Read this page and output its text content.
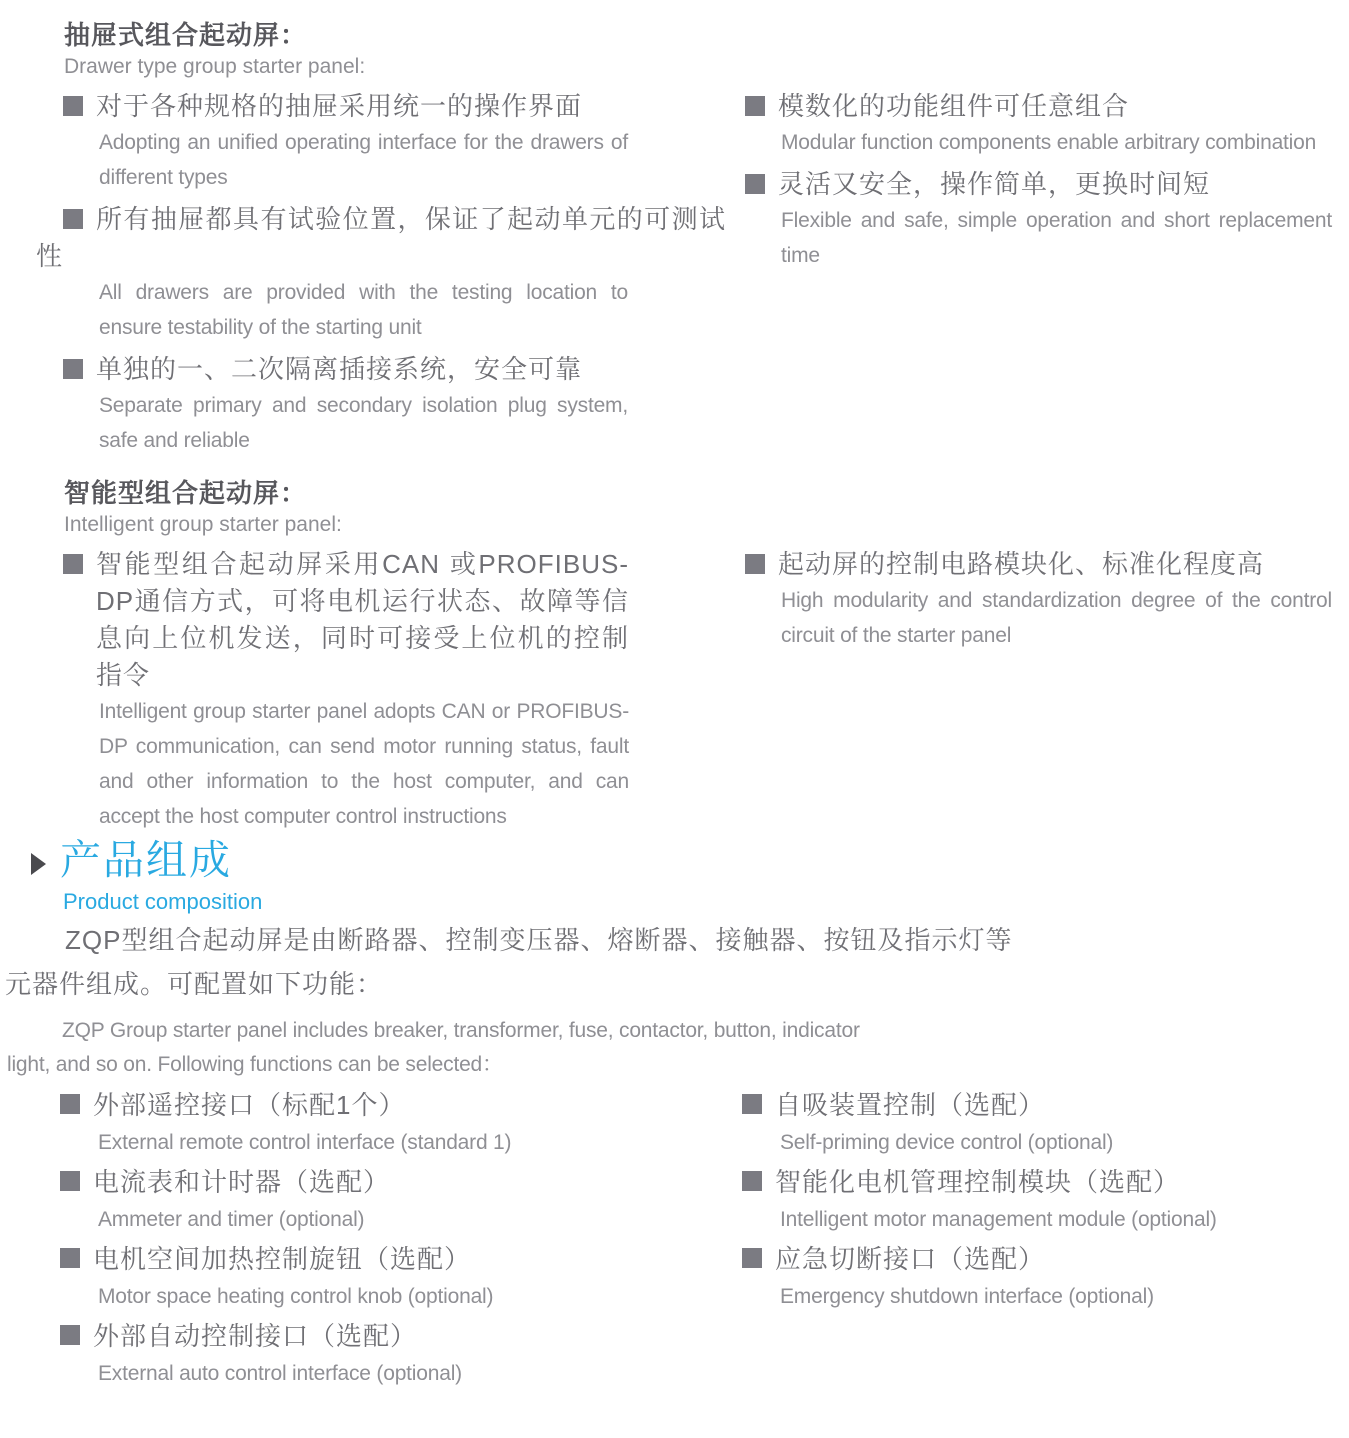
抽屉式组合起动屏：
Drawer type group starter panel:
对于各种规格的抽屉采用统一的操作界面
Adopting an unified operating interface for the drawers of different types
所有抽屉都具有试验位置，保证了起动单元的可测试性
All drawers are provided with the testing location to ensure testability of the starting unit
单独的一、二次隔离插接系统，安全可靠
Separate primary and secondary isolation plug system, safe and reliable
模数化的功能组件可任意组合
Modular function components enable arbitrary combination
灵活又安全，操作简单，更换时间短
Flexible and safe, simple operation and short replacement time
智能型组合起动屏：
Intelligent group starter panel:
智能型组合起动屏采用CAN 或PROFIBUS-DP通信方式，可将电机运行状态、故障等信息向上位机发送，同时可接受上位机的控制指令
Intelligent group starter panel adopts CAN or PROFIBUS-DP communication, can send motor running status, fault and other information to the host computer, and can accept the host computer control instructions
起动屏的控制电路模块化、标准化程度高
High modularity and standardization degree of the control circuit of the starter panel
产品组成
Product composition
ZQP型组合起动屏是由断路器、控制变压器、熔断器、接触器、按钮及指示灯等
元器件组成。可配置如下功能：
ZQP Group starter panel includes breaker, transformer, fuse, contactor, button, indicator
light, and so on. Following functions can be selected：
外部遥控接口（标配1个）
External remote control interface (standard 1)
电流表和计时器（选配）
Ammeter and timer (optional)
电机空间加热控制旋钮（选配）
Motor space heating control knob (optional)
外部自动控制接口（选配）
External auto control interface (optional)
自吸装置控制（选配）
Self-priming device control (optional)
智能化电机管理控制模块（选配）
Intelligent motor management module (optional)
应急切断接口（选配）
Emergency shutdown interface (optional)
